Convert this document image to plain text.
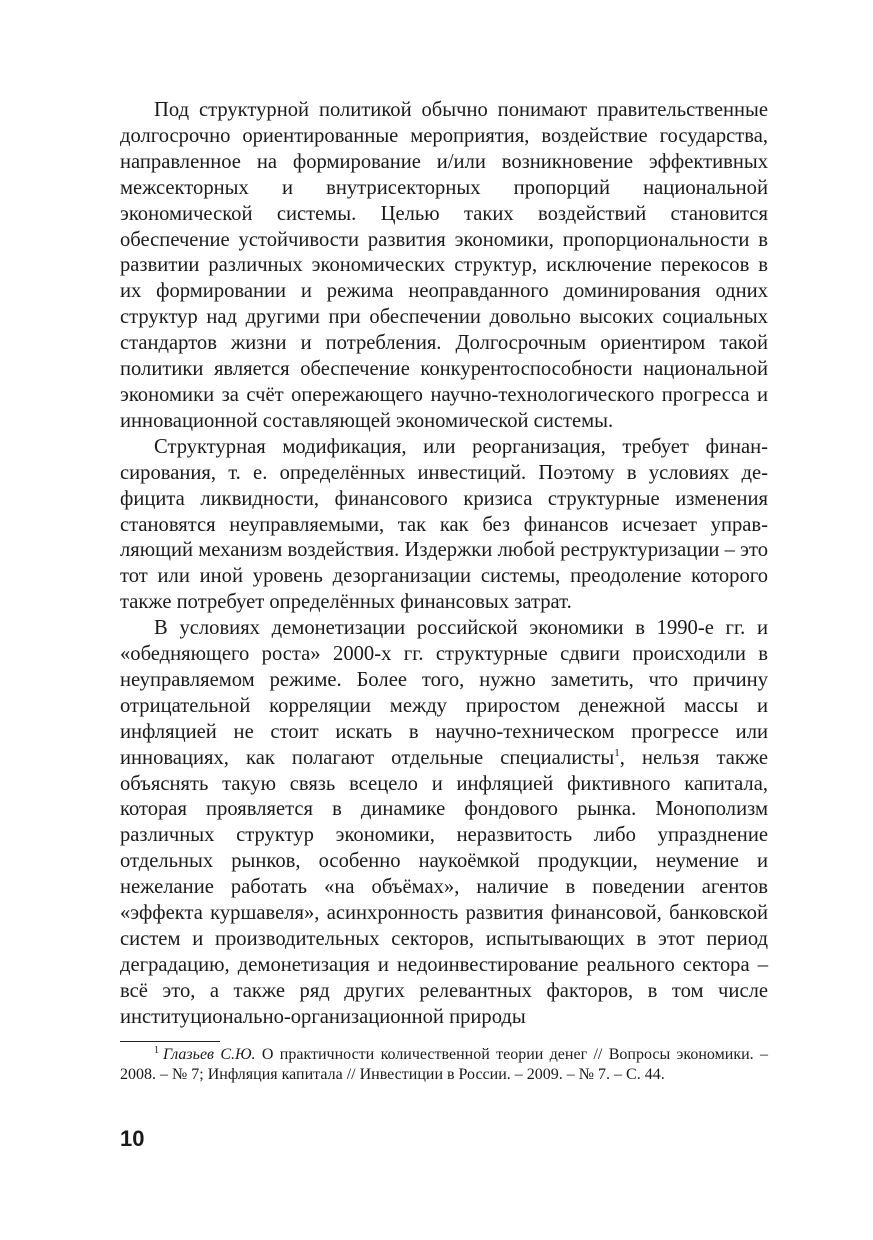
Под структурной политикой обычно понимают правительственные долгосрочно ориентированные мероприятия, воздействие государства, направленное на формирование и/или возникновение эффективных межсекторных и внутрисекторных пропорций национальной экономической системы. Целью таких воздействий становится обеспечение устойчивости развития экономики, пропорциональности в развитии различных экономических структур, исключение перекосов в их формировании и режима неоправданного доминирования одних структур над другими при обеспечении довольно высоких социальных стандартов жизни и потребления. Долгосрочным ориентиром такой политики является обеспечение конкурентоспособности национальной экономики за счёт опережающего научно-технологического прогресса и инновационной составляющей экономической системы.

Структурная модификация, или реорганизация, требует финансирования, т. е. определённых инвестиций. Поэтому в условиях дефицита ликвидности, финансового кризиса структурные изменения становятся неуправляемыми, так как без финансов исчезает управляющий механизм воздействия. Издержки любой реструктуризации – это тот или иной уровень дезорганизации системы, преодоление которого также потребует определённых финансовых затрат.

В условиях демонетизации российской экономики в 1990-е гг. и «обедняющего роста» 2000-х гг. структурные сдвиги происходили в неуправляемом режиме. Более того, нужно заметить, что причину отрицательной корреляции между приростом денежной массы и инфляцией не стоит искать в научно-техническом прогрессе или инновациях, как полагают отдельные специалисты$^1$, нельзя также объяснять такую связь всецело и инфляцией фиктивного капитала, которая проявляется в динамике фондового рынка. Монополизм различных структур экономики, неразвитость либо упразднение отдельных рынков, особенно наукоёмкой продукции, неумение и нежелание работать «на объёмах», наличие в поведении агентов «эффекта куршавеля», асинхронность развития финансовой, банковской систем и производительных секторов, испытывающих в этот период деградацию, демонетизация и недоинвестирование реального сектора – всё это, а также ряд других релевантных факторов, в том числе институционально-организационной природы

$^1$ Глазьев С.Ю. О практичности количественной теории денег // Вопросы экономики. – 2008. – № 7; Инфляция капитала // Инвестиции в России. – 2009. – № 7. – С. 44.

10
